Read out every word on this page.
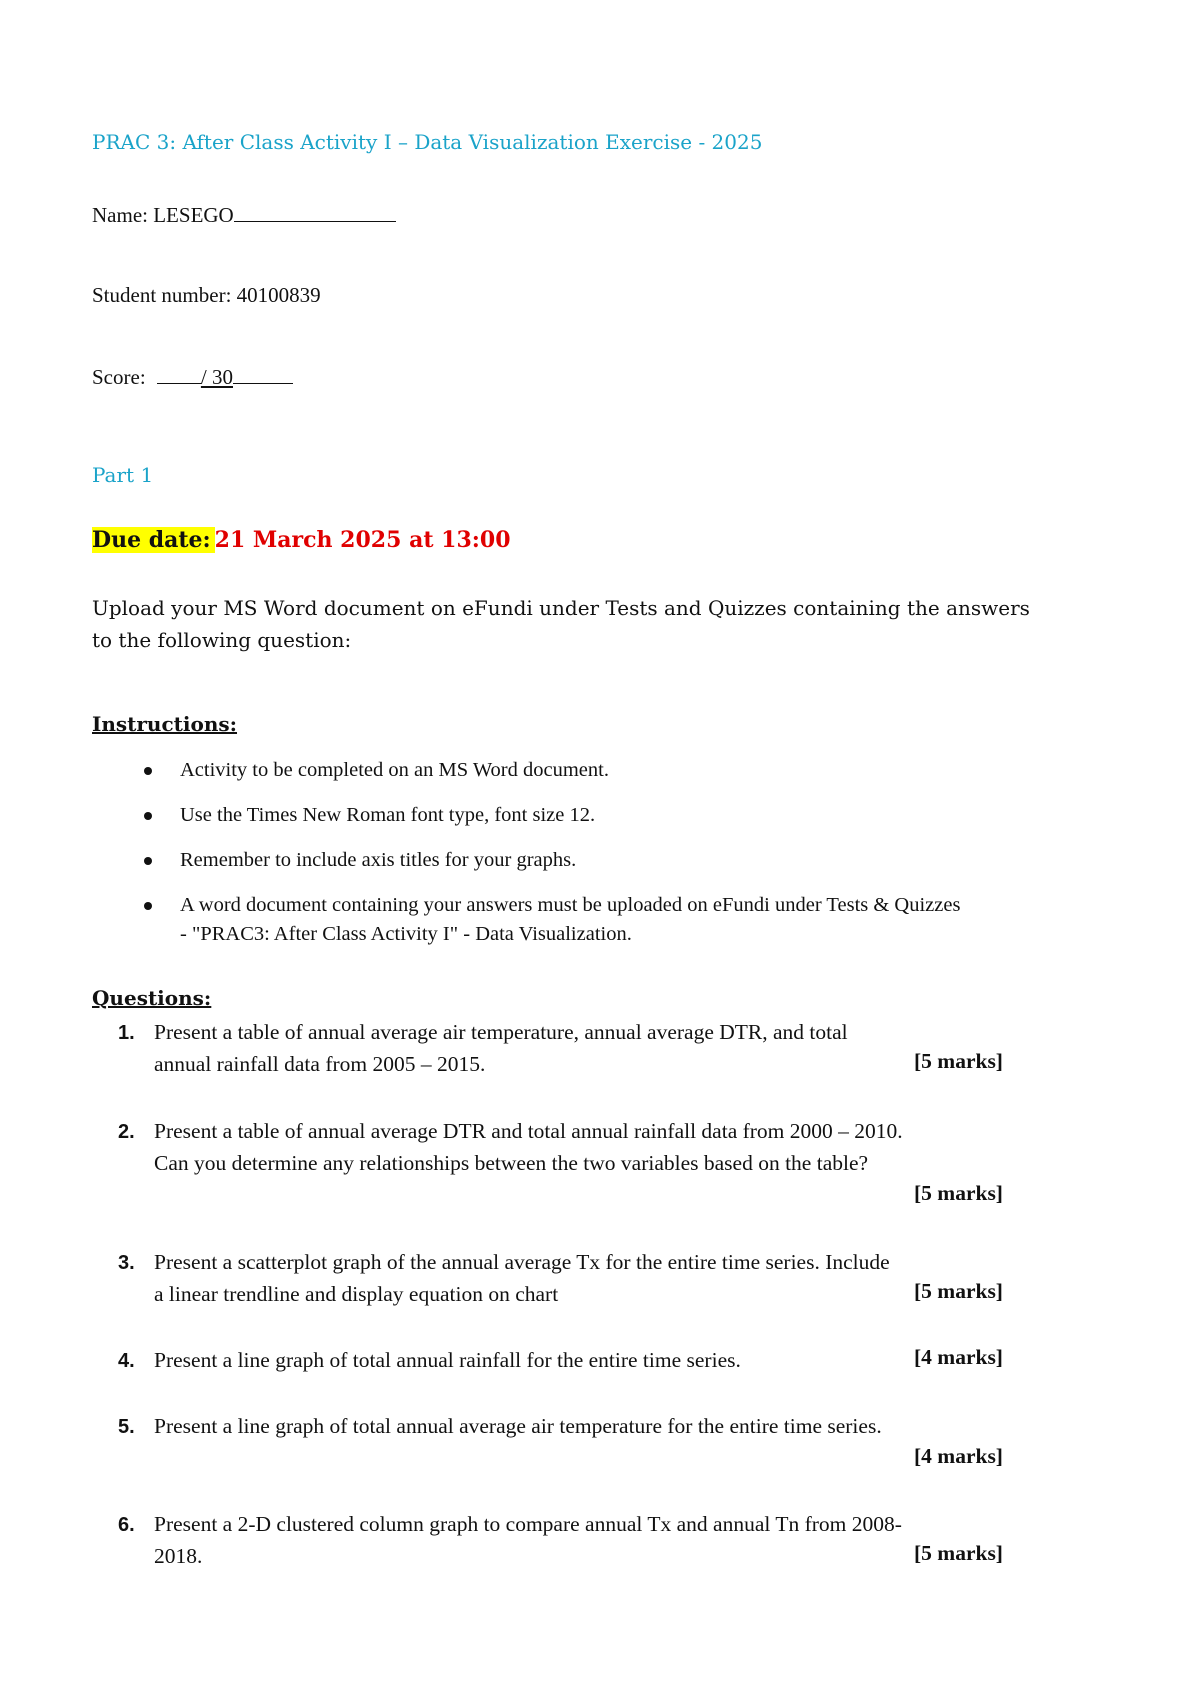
PRAC 3: After Class Activity I – Data Visualization Exercise - 2025
Name: LESEGO
Student number: 40100839
Score:	/ 30
Part 1
Due date: 21 March 2025 at 13:00
Upload your MS Word document on eFundi under Tests and Quizzes containing the answers to the following question:
Instructions:
Activity to be completed on an MS Word document.
Use the Times New Roman font type, font size 12.
Remember to include axis titles for your graphs.
A word document containing your answers must be uploaded on eFundi under Tests & Quizzes
- "PRAC3: After Class Activity I" - Data Visualization.
Questions:
1. Present a table of annual average air temperature, annual average DTR, and total
annual rainfall data from 2005 – 2015.	[5 marks]
2. Present a table of annual average DTR and total annual rainfall data from 2000 – 2010.
Can you determine any relationships between the two variables based on the table?
[5 marks]
3. Present a scatterplot graph of the annual average Tx for the entire time series. Include
a linear trendline and display equation on chart	[5 marks]
4. Present a line graph of total annual rainfall for the entire time series.	[4 marks]
5. Present a line graph of total annual average air temperature for the entire time series.
[4 marks]
6. Present a 2-D clustered column graph to compare annual Tx and annual Tn from 2008-
2018.	[5 marks]
